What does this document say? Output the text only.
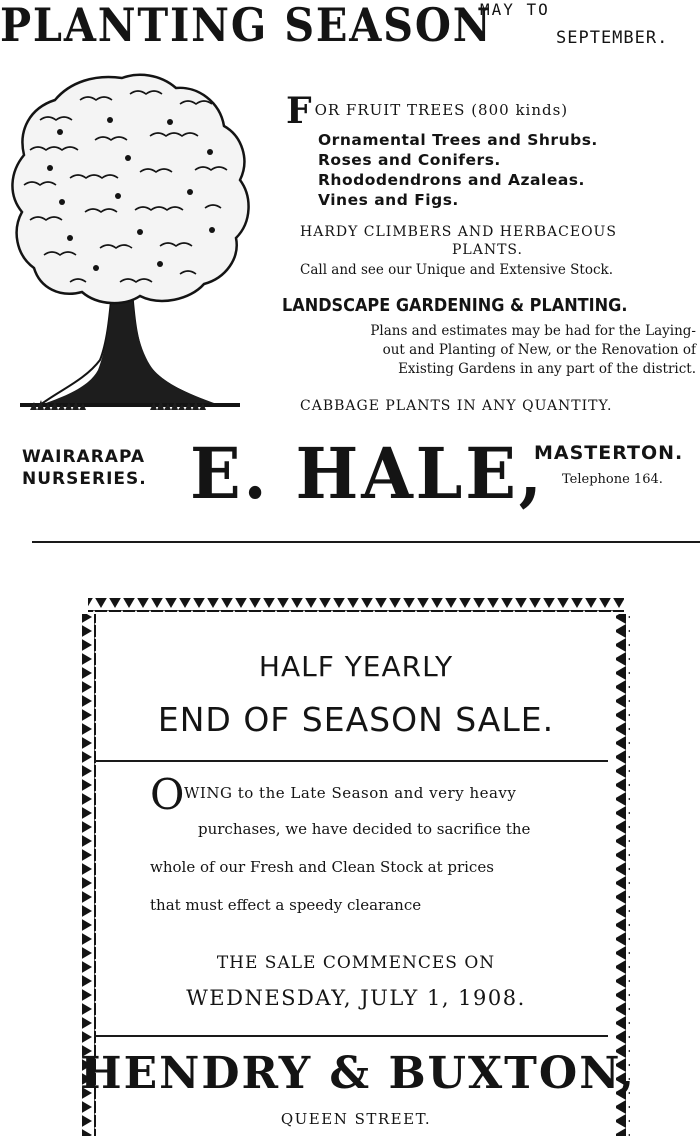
PLANTING SEASON
MAY TO
SEPTEMBER.
FOR FRUIT TREES (800 kinds)
Ornamental Trees and Shrubs.
Roses and Conifers.
Rhododendrons and Azaleas.
Vines and Figs.
HARDY CLIMBERS AND HERBACEOUS
PLANTS.
Call and see our Unique and Extensive Stock.
LANDSCAPE GARDENING & PLANTING.
Plans and estimates may be had for the Laying-
out and Planting of New, or the Renovation of
Existing Gardens in any part of the district.
CABBAGE PLANTS IN ANY QUANTITY.
WAIRARAPA
NURSERIES. E. HALE,
MASTERTON.
Telephone 164.
HALF YEARLY
END OF SEASON SALE.
O WING to the Late Season and very heavy
purchases, we have decided to sacrifice the
whole of our Fresh and Clean Stock at prices
that must effect a speedy clearance
THE SALE COMMENCES ON
WEDNESDAY, JULY 1, 1908.
HENDRY & BUXTON,
QUEEN STREET.
